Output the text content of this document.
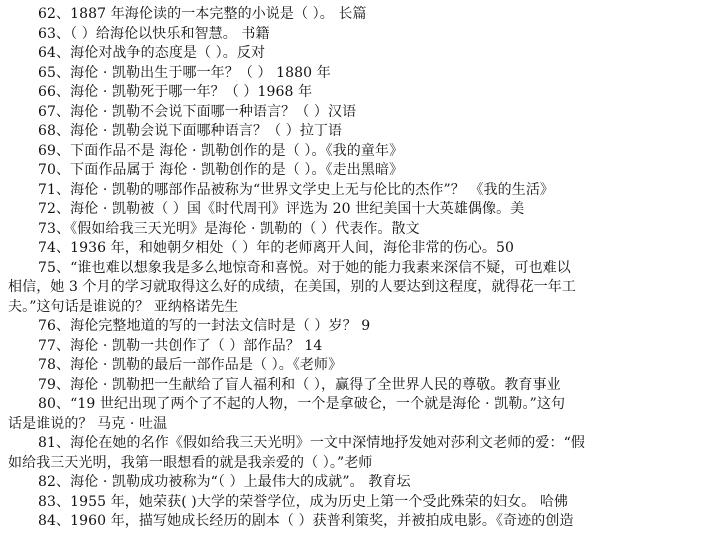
62、1887 年海伦读的一本完整的小说是（ ）。 长篇
63、（ ）给海伦以快乐和智慧。 书籍
64、海伦对战争的态度是（ ）。反对
65、海伦 · 凯勒出生于哪一年？（ ） 1880 年
66、海伦 · 凯勒死于哪一年？（ ）1968 年
67、海伦 · 凯勒不会说下面哪一种语言？（ ）汉语
68、海伦 · 凯勒会说下面哪种语言？（ ）拉丁语
69、下面作品不是 海伦 · 凯勒创作的是（ ）。《我的童年》
70、下面作品属于 海伦 · 凯勒创作的是（ ）。《走出黑暗》
71、海伦 · 凯勒的哪部作品被称为“世界文学史上无与伦比的杰作”？ 《我的生活》
72、海伦 · 凯勒被（ ）国《时代周刊》评选为 20 世纪美国十大英雄偶像。美
73、《假如给我三天光明》是海伦 · 凯勒的（ ）代表作。散文
74、1936 年，和她朝夕相处（ ）年的老师离开人间，海伦非常的伤心。50
75、“谁也难以想象我是多么地惊奇和喜悦。对于她的能力我素来深信不疑，可也难以
相信，她 3 个月的学习就取得这么好的成绩，在美国，别的人要达到这程度，就得花一年工
夫。”这句话是谁说的？ 亚纳格诺先生
76、海伦完整地道的写的一封法文信时是（ ）岁？ 9
77、海伦 · 凯勒一共创作了（ ）部作品？ 14
78、海伦 · 凯勒的最后一部作品是（ ）。《老师》
79、海伦 · 凯勒把一生献给了盲人福利和（ ），赢得了全世界人民的尊敬。教育事业
80、“19 世纪出现了两个了不起的人物，一个是拿破仑，一个就是海伦 · 凯勒。”这句
话是谁说的？ 马克 · 吐温
81、海伦在她的名作《假如给我三天光明》一文中深情地抒发她对莎利文老师的爱：“假
如给我三天光明，我第一眼想看的就是我亲爱的（ ）。”老师
82、海伦 · 凯勒成功被称为“（ ）上最伟大的成就”。 教育坛
83、1955 年，她荣获( )大学的荣誉学位，成为历史上第一个受此殊荣的妇女。 哈佛
84、1960 年，描写她成长经历的剧本（ ）获普利策奖，并被拍成电影。《奇迹的创造
